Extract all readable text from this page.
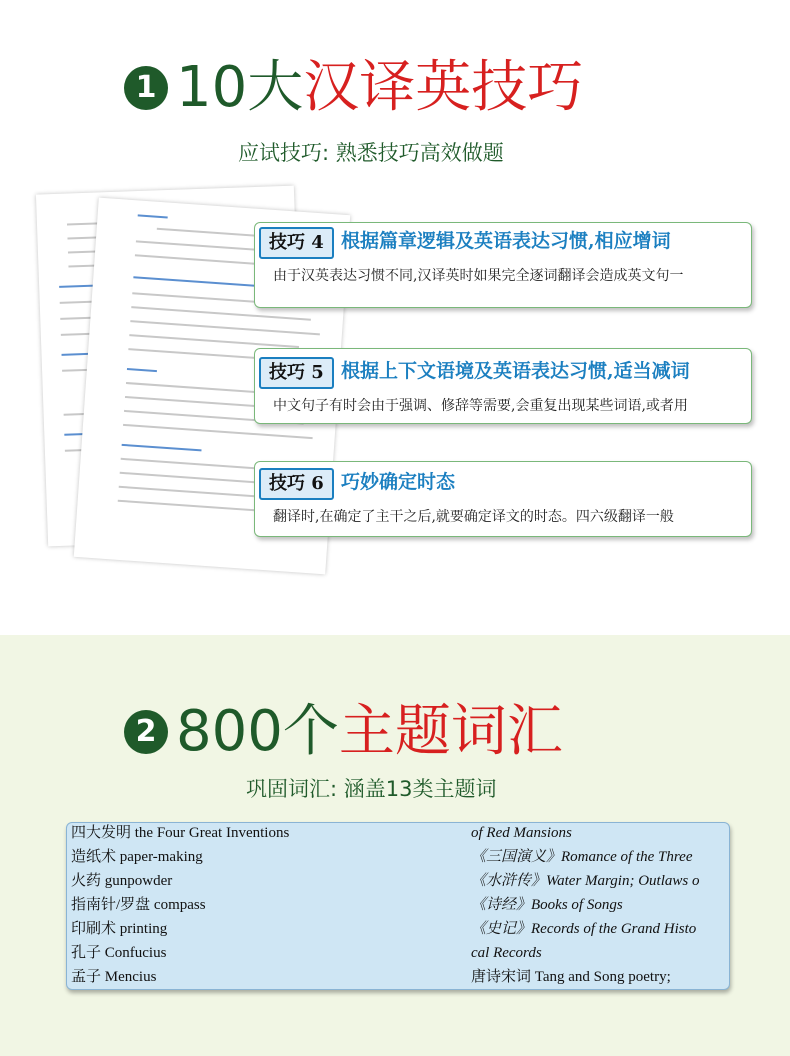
1 10大汉译英技巧
应试技巧: 熟悉技巧高效做题
技巧 4 根据篇章逻辑及英语表达习惯,相应增词
由于汉英表达习惯不同,汉译英时如果完全逐词翻译会造成英文句一
技巧 5 根据上下文语境及英语表达习惯,适当减词
中文句子有时会由于强调、修辞等需要,会重复出现某些词语,或者用
技巧 6 巧妙确定时态
翻译时,在确定了主干之后,就要确定译文的时态。四六级翻译一般
2 800个主题词汇
巩固词汇: 涵盖13类主题词
四大发明 the Four Great Inventions
造纸术 paper-making
火药 gunpowder
指南针/罗盘 compass
印刷术 printing
孔子 Confucius
孟子 Mencius
of Red Mansions
《三国演义》Romance of the Three
《水浒传》Water Margin; Outlaws o
《诗经》Books of Songs
《史记》Records of the Grand Histo
cal Records
唐诗宋词 Tang and Song poetry;
